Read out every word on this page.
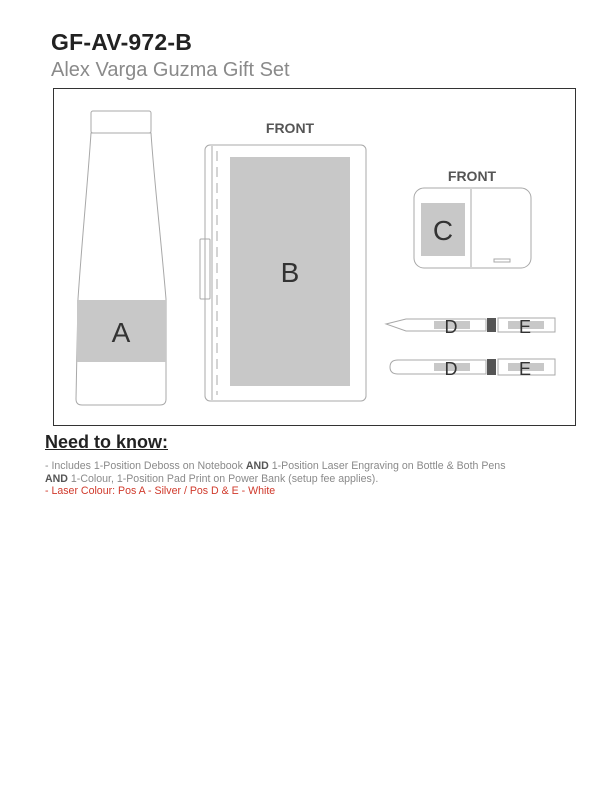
GF-AV-972-B
Alex Varga Guzma Gift Set
A
B
FRONT
FRONT
C
D	E
D	E
Need to know:
- Includes 1-Position Deboss on Notebook AND 1-Position Laser Engraving on Bottle & Both Pens
AND 1-Colour, 1-Position Pad Print on Power Bank (setup fee applies).
- Laser Colour: Pos A - Silver / Pos D & E - White
